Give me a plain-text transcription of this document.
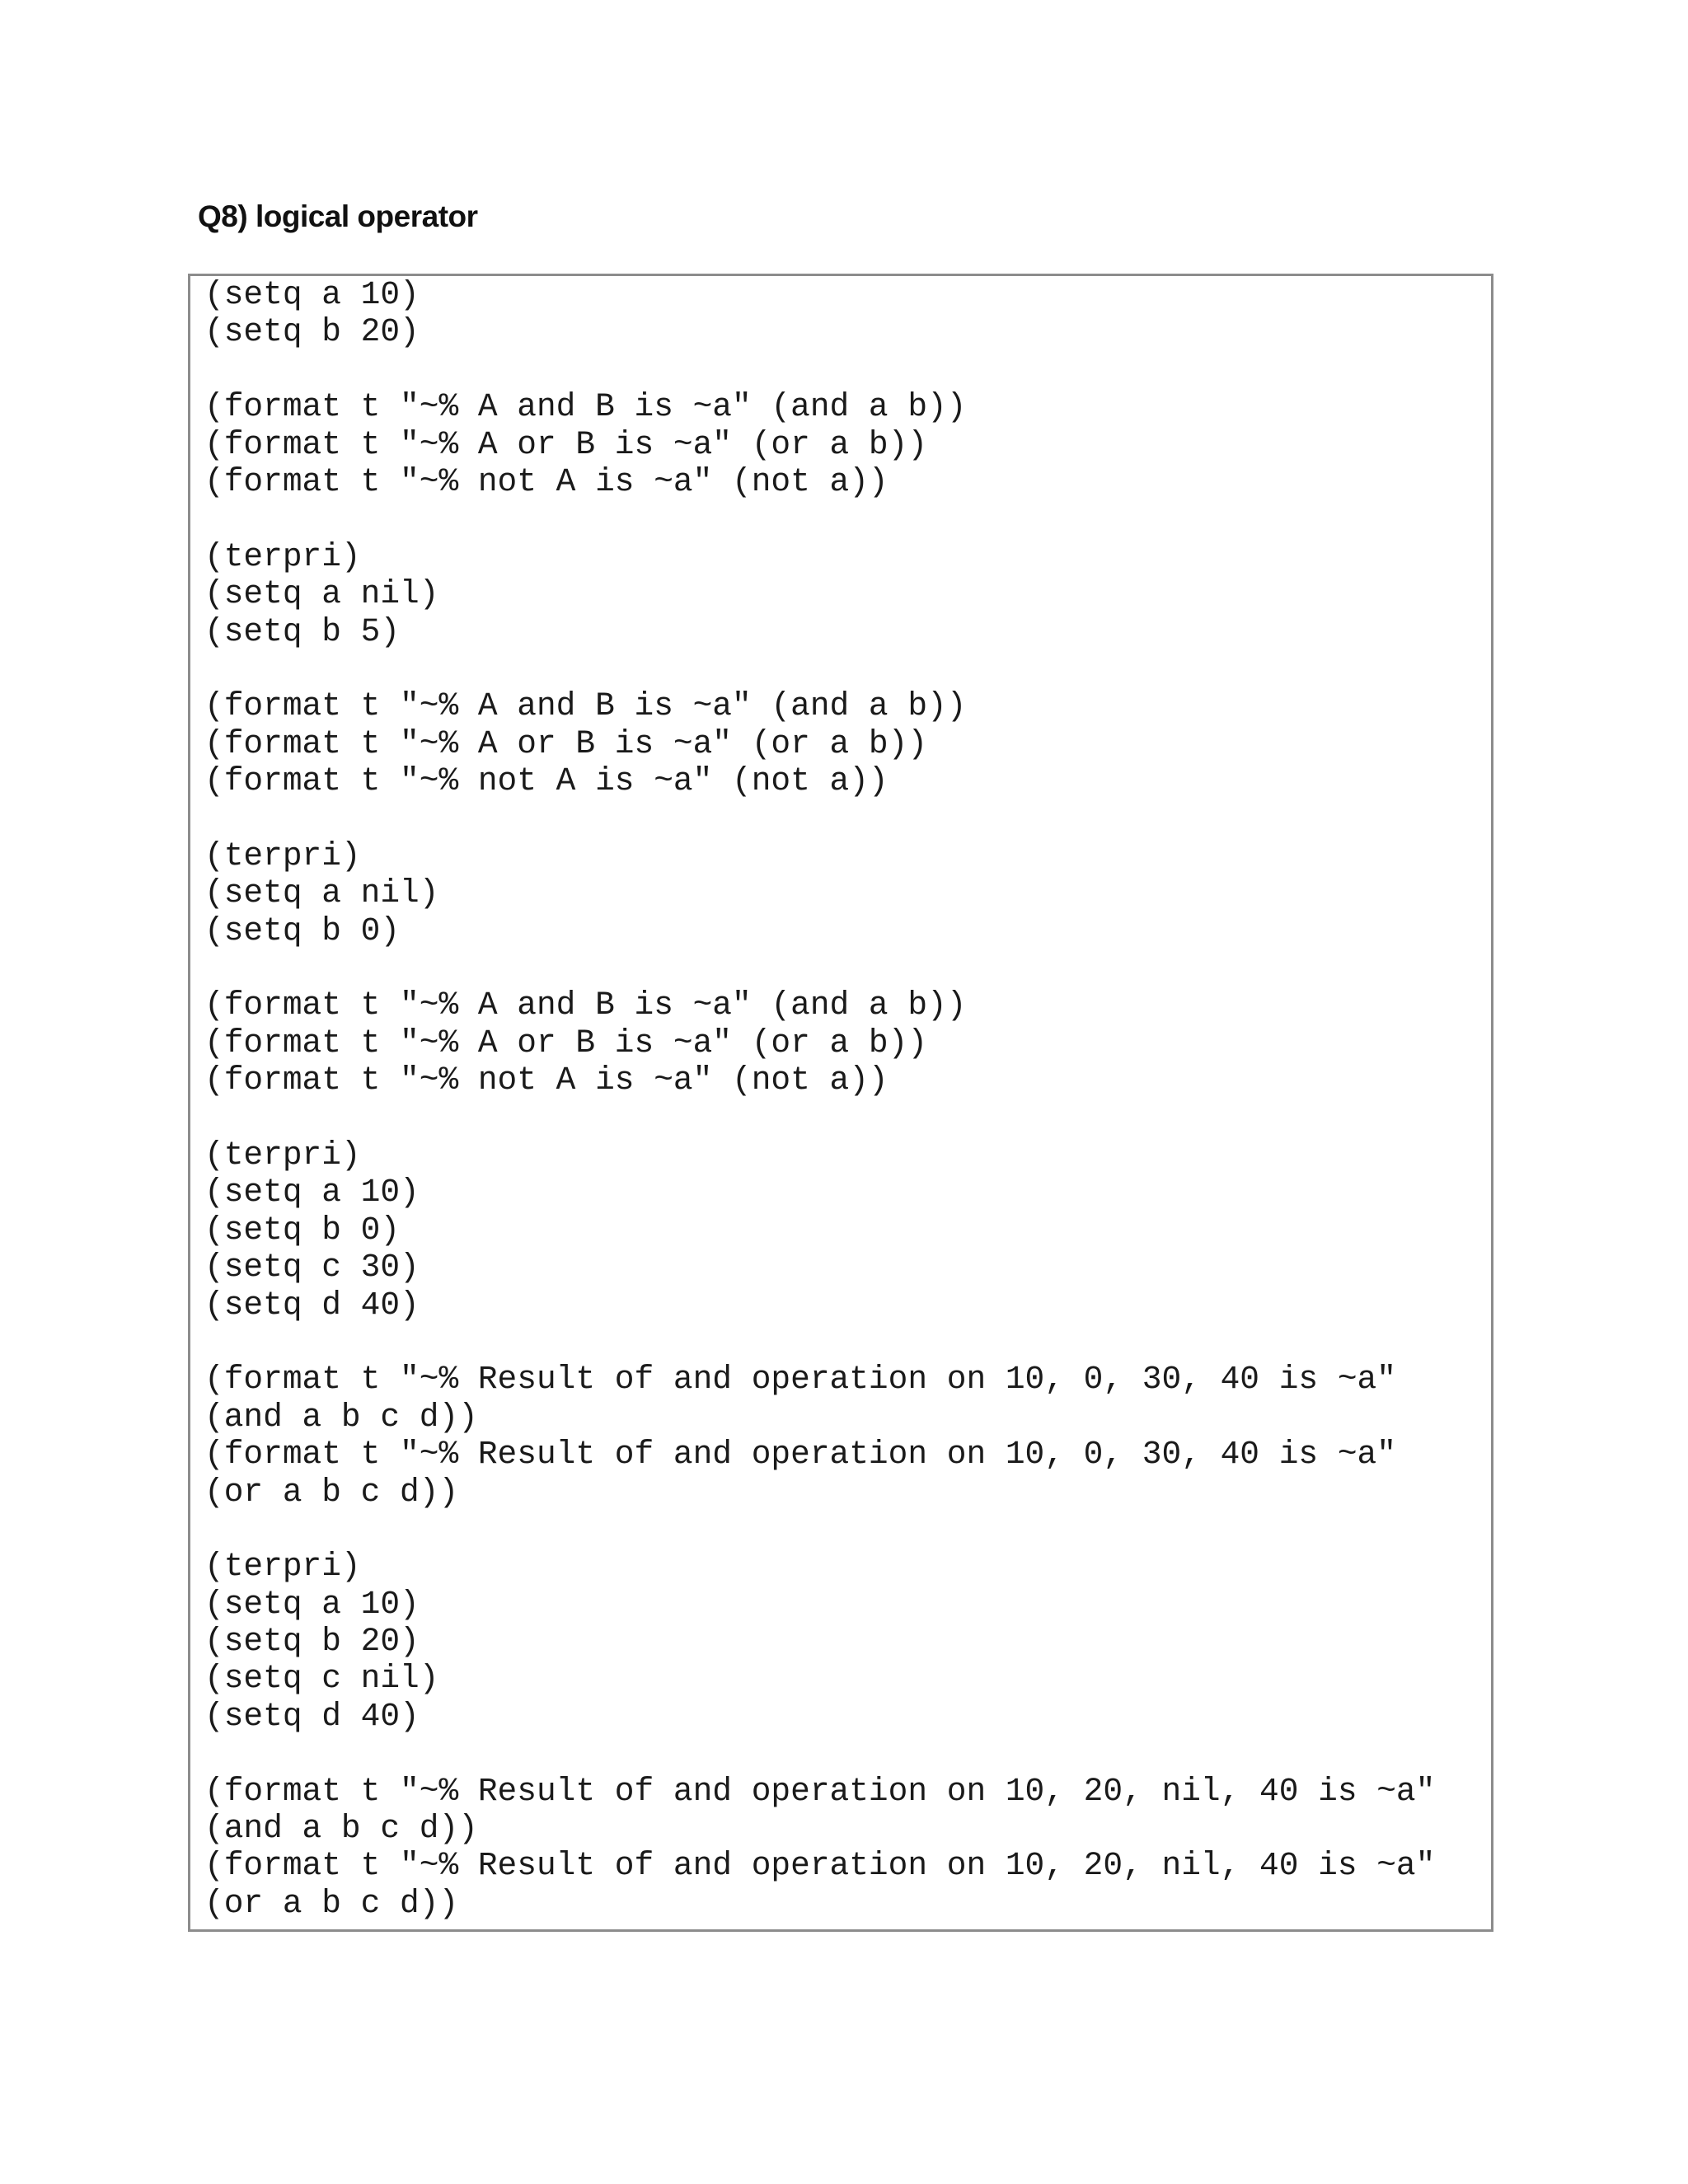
Q8) logical operator
(setq a 10)
(setq b 20)
(format t "~% A and B is ~a" (and a b))
(format t "~% A or B is ~a" (or a b))
(format t "~% not A is ~a" (not a))
(terpri)
(setq a nil)
(setq b 5)
(format t "~% A and B is ~a" (and a b))
(format t "~% A or B is ~a" (or a b))
(format t "~% not A is ~a" (not a))
(terpri)
(setq a nil)
(setq b 0)
(format t "~% A and B is ~a" (and a b))
(format t "~% A or B is ~a" (or a b))
(format t "~% not A is ~a" (not a))
(terpri)
(setq a 10)
(setq b 0)
(setq c 30)
(setq d 40)
(format t "~% Result of and operation on 10, 0, 30, 40 is ~a"
(and a b c d))
(format t "~% Result of and operation on 10, 0, 30, 40 is ~a"
(or a b c d))
(terpri)
(setq a 10)
(setq b 20)
(setq c nil)
(setq d 40)
(format t "~% Result of and operation on 10, 20, nil, 40 is ~a"
(and a b c d))
(format t "~% Result of and operation on 10, 20, nil, 40 is ~a"
(or a b c d))
